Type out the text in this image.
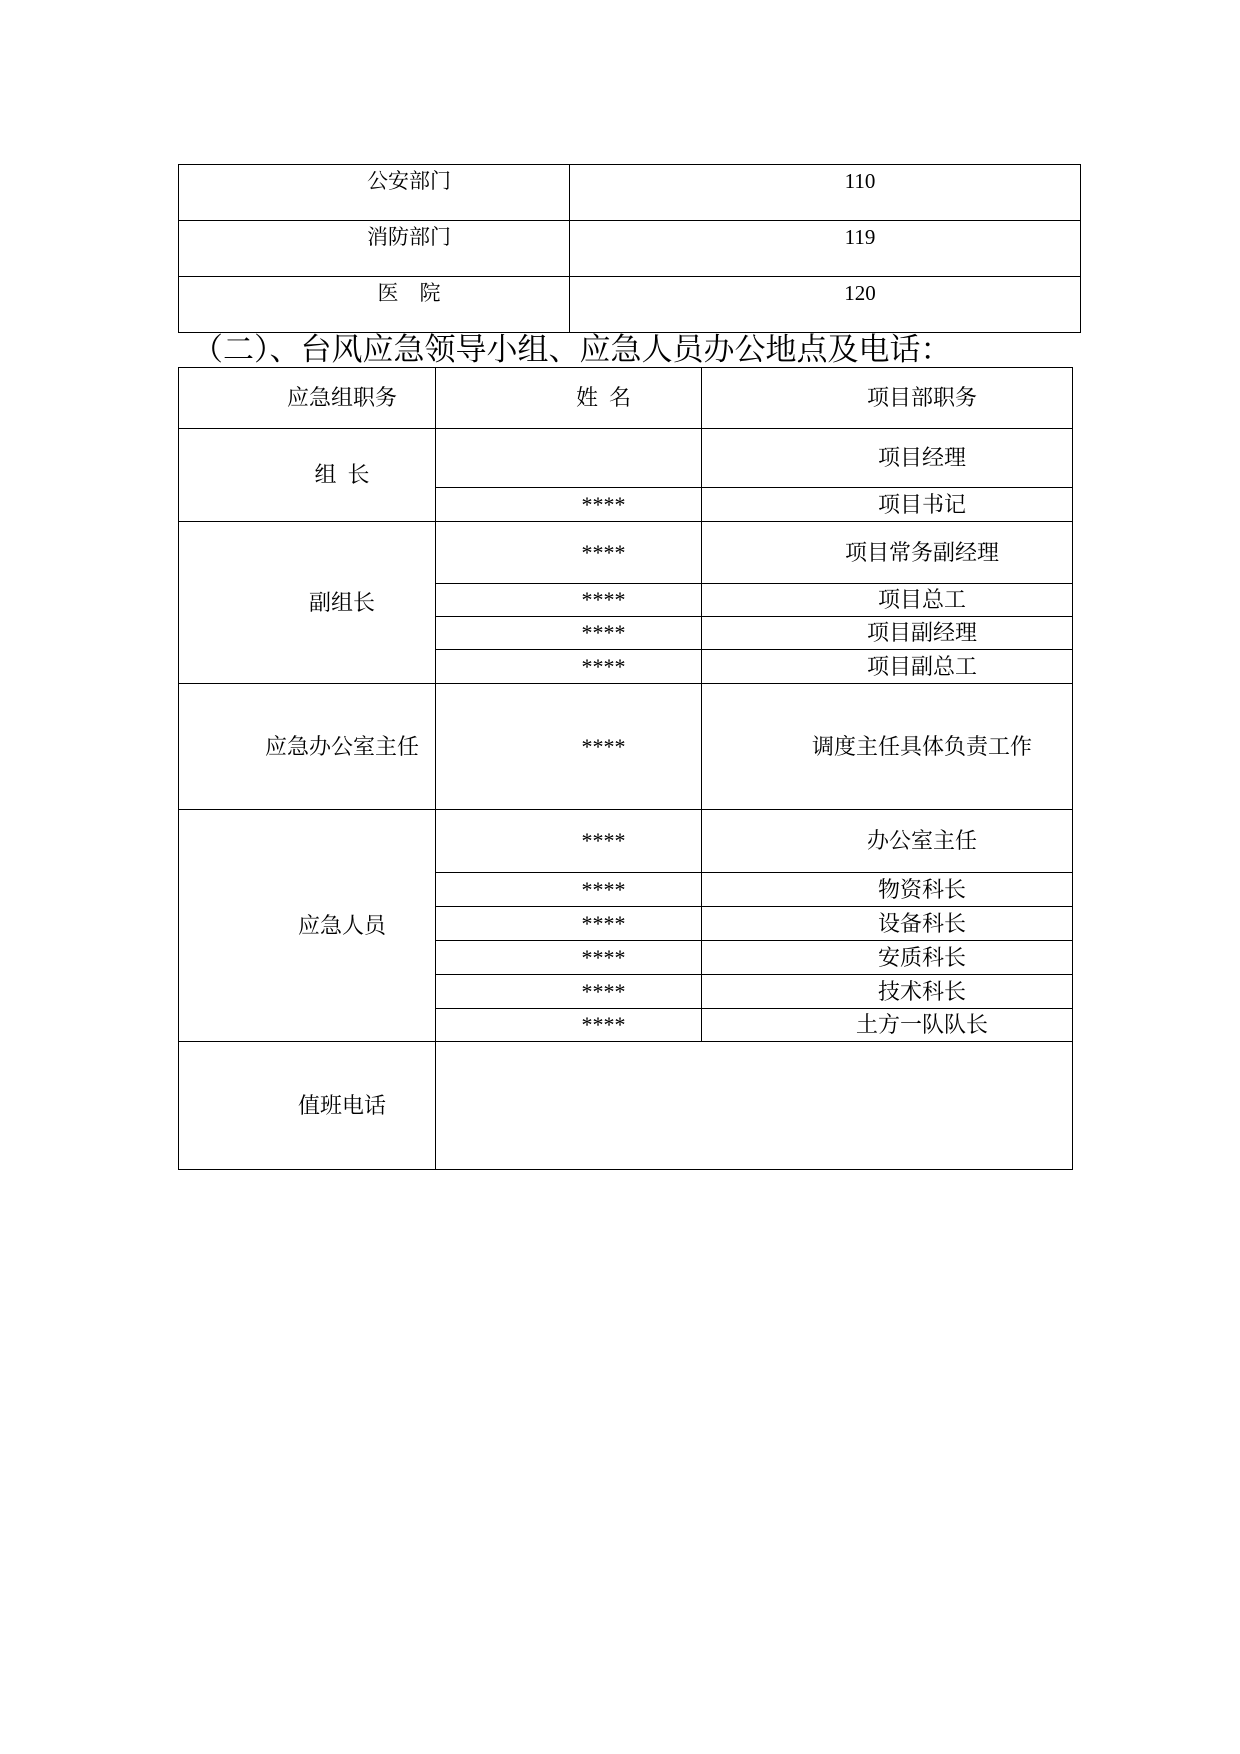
公安部门	110
消防部门	119
医　院	120
（二）、台风应急领导小组、应急人员办公地点及电话：
应急组职务	姓  名	项目部职务
组  长		项目经理
	****	项目书记
副组长	****	项目常务副经理
	****	项目总工
	****	项目副经理
	****	项目副总工
应急办公室主任	****	调度主任具体负责工作
应急人员	****	办公室主任
	****	物资科长
	****	设备科长
	****	安质科长
	****	技术科长
	****	土方一队队长
值班电话		
